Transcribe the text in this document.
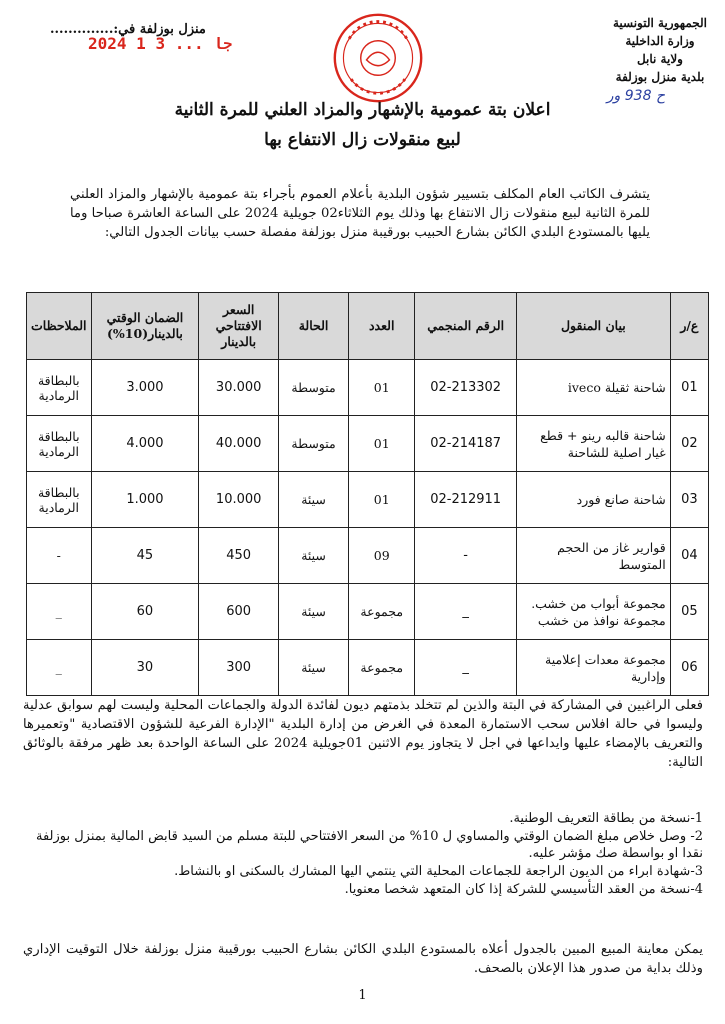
الجمهورية التونسية
وزارة الداخلية
ولاية نابل
بلدية منزل بوزلفة
ح 938 ور
منزل بوزلفة في:..............
2024 جا ... 3 1
اعلان بتة عمومية بالإشهار والمزاد العلني للمرة الثانية
لبيع منقولات زال الانتفاع بها
يتشرف الكاتب العام المكلف بتسيير شؤون البلدية بأعلام العموم بأجراء بتة عمومية بالإشهار والمزاد العلني للمرة الثانية لبيع منقولات زال الانتفاع بها وذلك يوم الثلاثاء02 جويلية 2024 على الساعة العاشرة صباحا وما يليها بالمستودع البلدي الكائن بشارع الحبيب بورقيبة منزل بوزلفة مفصلة حسب بيانات الجدول التالي:
ع/ر	بيان المنقول	الرقم المنجمي	العدد	الحالة	السعر الافتتاحي بالدينار	الضمان الوقتي بالدينار(10%)	الملاحظات
01	شاحنة ثقيلة iveco	02-213302	01	متوسطة	30.000	3.000	بالبطاقة الرمادية
02	شاحنة قالبه رينو + قطع غيار اصلية للشاحنة	02-214187	01	متوسطة	40.000	4.000	بالبطاقة الرمادية
03	شاحنة صانع فورد	02-212911	01	سيئة	10.000	1.000	بالبطاقة الرمادية
04	قوارير غاز من الحجم المتوسط	-	09	سيئة	450	45	-
05	مجموعة أبواب من خشب. مجموعة نوافذ من خشب	_	مجموعة	سيئة	600	60	_
06	مجموعة معدات إعلامية وإدارية	_	مجموعة	سيئة	300	30	_
فعلى الراغبين في المشاركة في البتة والذين لم تتخلد بذمتهم ديون لفائدة الدولة والجماعات المحلية وليست لهم سوابق عدلية وليسوا في حالة افلاس سحب الاستمارة المعدة في الغرض من إدارة البلدية "الإدارة الفرعية للشؤون الاقتصادية "وتعميرها والتعريف بالإمضاء عليها وايداعها في اجل لا يتجاوز يوم الاثنين 01جويلية 2024 على الساعة الواحدة بعد ظهر مرفقة بالوثائق التالية:
1-نسخة من بطاقة التعريف الوطنية.
2- وصل خلاص مبلغ الضمان الوقتي والمساوي ل 10% من السعر الافتتاحي للبتة مسلم من السيد قابض المالية بمنزل بوزلفة نقدا او بواسطة صك مؤشر عليه.
3-شهادة ابراء من الديون الراجعة للجماعات المحلية التي ينتمي اليها المشارك بالسكنى او بالنشاط.
4-نسخة من العقد التأسيسي للشركة إذا كان المتعهد شخصا معنويا.
يمكن معاينة المبيع المبين بالجدول أعلاه بالمستودع البلدي الكائن بشارع الحبيب بورقيبة منزل بوزلفة خلال التوقيت الإداري وذلك بداية من صدور هذا الإعلان بالصحف.
1
